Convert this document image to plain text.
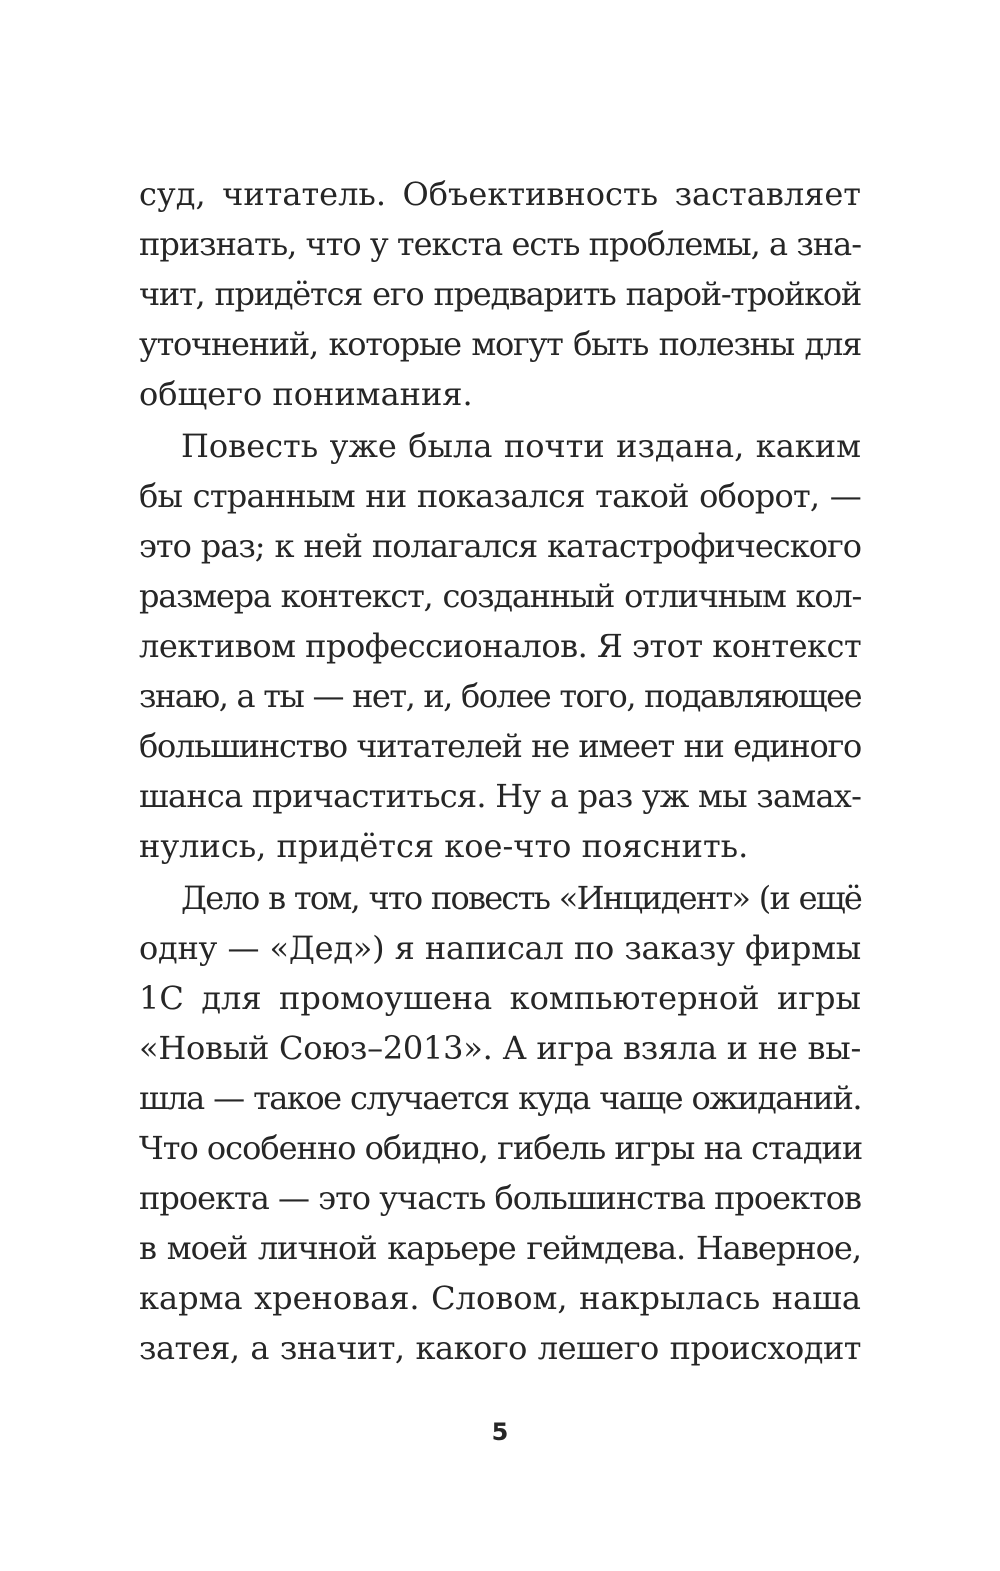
суд, читатель. Объективность заставляет
признать, что у текста есть проблемы, а зна-
чит, придётся его предварить парой-тройкой
уточнений, которые могут быть полезны для
общего понимания.
Повесть уже была почти издана, каким
бы странным ни показался такой оборот, —
это раз; к ней полагался катастрофического
размера контекст, созданный отличным кол-
лективом профессионалов. Я этот контекст
знаю, а ты — нет, и, более того, подавляющее
большинство читателей не имеет ни единого
шанса причаститься. Ну а раз уж мы замах-
нулись, придётся кое-что пояснить.
Дело в том, что повесть «Инцидент» (и ещё
одну — «Дед») я написал по заказу фирмы
1С для промоушена компьютерной игры
«Новый Союз–2013». А игра взяла и не вы-
шла — такое случается куда чаще ожиданий.
Что особенно обидно, гибель игры на стадии
проекта — это участь большинства проектов
в моей личной карьере геймдева. Наверное,
карма хреновая. Словом, накрылась наша
затея, а значит, какого лешего происходит
5
